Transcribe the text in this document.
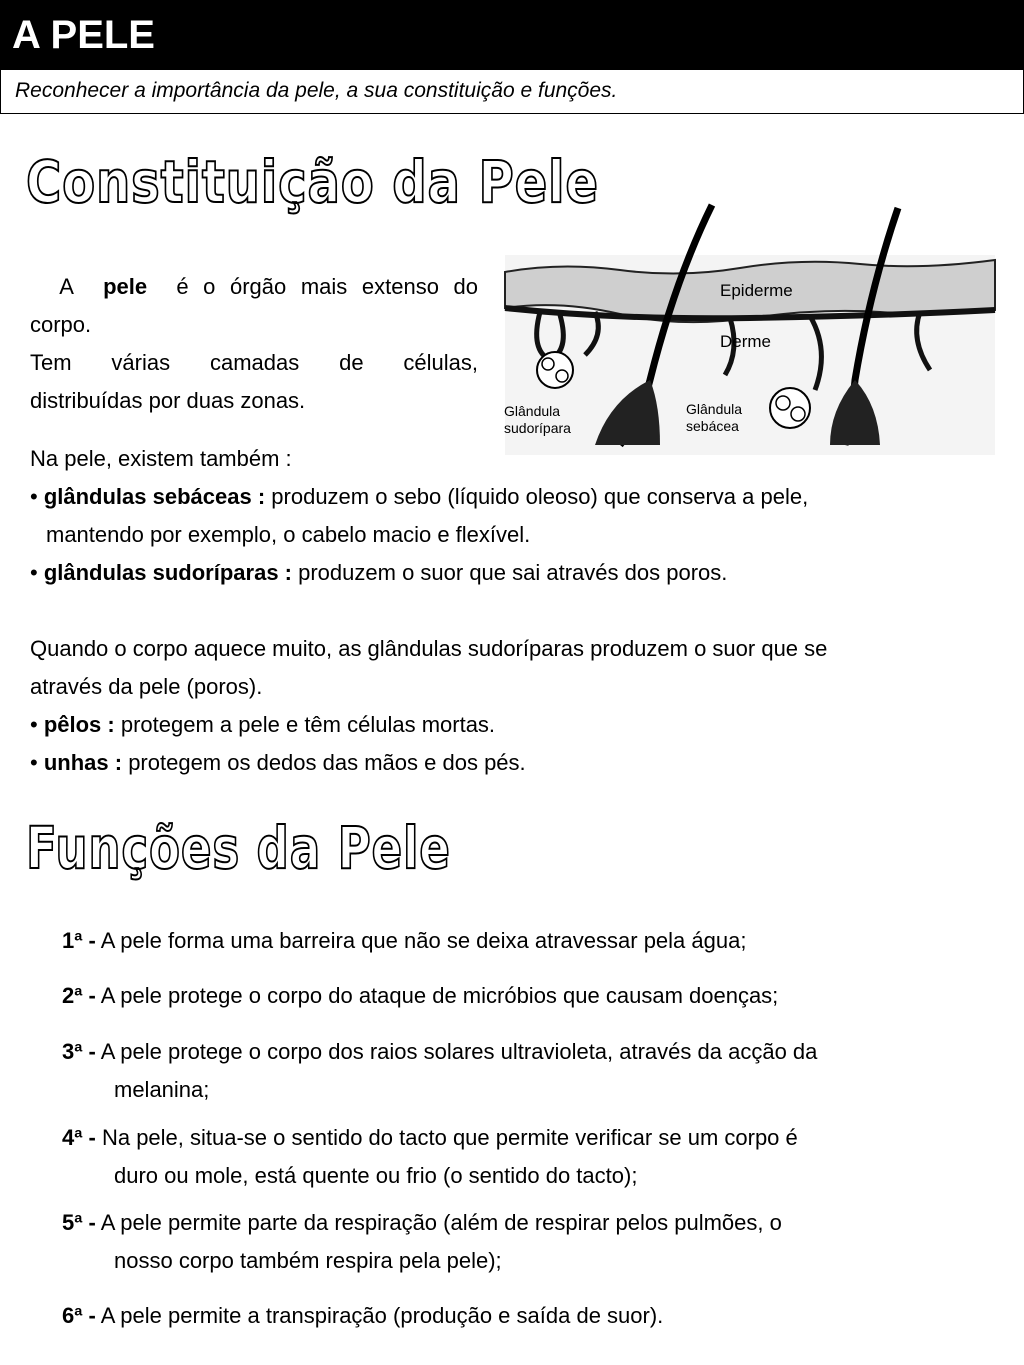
A PELE
Reconhecer a importância da pele, a sua constituição e funções.
Constituição da Pele

A pele é o órgão mais extenso do

corpo.

Tem várias camadas de células,

distribuídas por duas zonas.

Epiderme
Derme
Glândula
sudorípara
Glândula
sebácea

Na pele, existem também :

• glândulas sebáceas : produzem o sebo (líquido oleoso) que conserva a pele,

mantendo por exemplo, o cabelo macio e flexível.

• glândulas sudoríparas : produzem o suor que sai através dos poros.

Quando o corpo aquece muito, as glândulas sudoríparas produzem o suor que se

através da pele (poros).

• pêlos : protegem a pele e têm células mortas.

• unhas : protegem os dedos das mãos e dos pés.

Funções da Pele
1ª - A pele forma uma barreira que não se deixa atravessar pela água;
2ª - A pele protege o corpo do ataque de micróbios que causam doenças;
3ª - A pele protege o corpo dos raios solares ultravioleta, através da acção da
melanina;
4ª - Na pele, situa-se o sentido do tacto que permite verificar se um corpo é
duro ou mole, está quente ou frio (o sentido do tacto);
5ª - A pele permite parte da respiração (além de respirar pelos pulmões, o
nosso corpo também respira pela pele);
6ª - A pele permite a transpiração (produção e saída de suor).
